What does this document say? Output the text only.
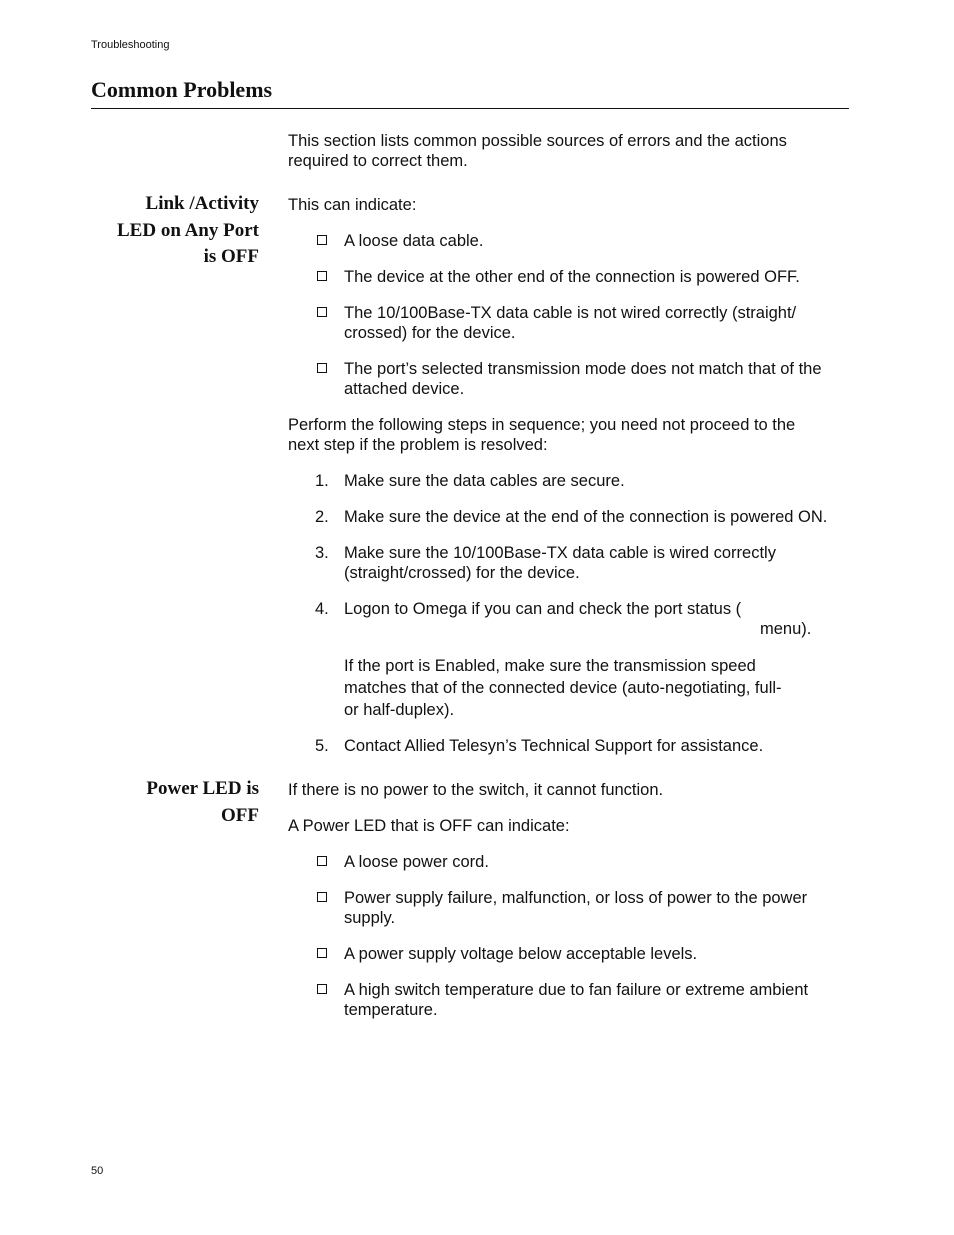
Troubleshooting
Common Problems
This section lists common possible sources of errors and the actions required to correct them.
Link /Activity
LED on Any Port
is OFF
This can indicate:
A loose data cable.
The device at the other end of the connection is powered OFF.
The 10/100Base-TX data cable is not wired correctly (straight/
crossed) for the device.
The port’s selected transmission mode does not match that of the
attached device.
Perform the following steps in sequence; you need not proceed to the
next step if the problem is resolved:
1. Make sure the data cables are secure.
2. Make sure the device at the end of the connection is powered ON.
3. Make sure the 10/100Base-TX data cable is wired correctly
(straight/crossed) for the device.
4. Logon to Omega if you can and check the port status (
menu).
If the port is Enabled, make sure the transmission speed
matches that of the connected device (auto-negotiating, full-
or half-duplex).
5. Contact Allied Telesyn’s Technical Support for assistance.
Power LED is
OFF
If there is no power to the switch, it cannot function.
A Power LED that is OFF can indicate:
A loose power cord.
Power supply failure, malfunction, or loss of power to the power
supply.
A power supply voltage below acceptable levels.
A high switch temperature due to fan failure or extreme ambient
temperature.
50
